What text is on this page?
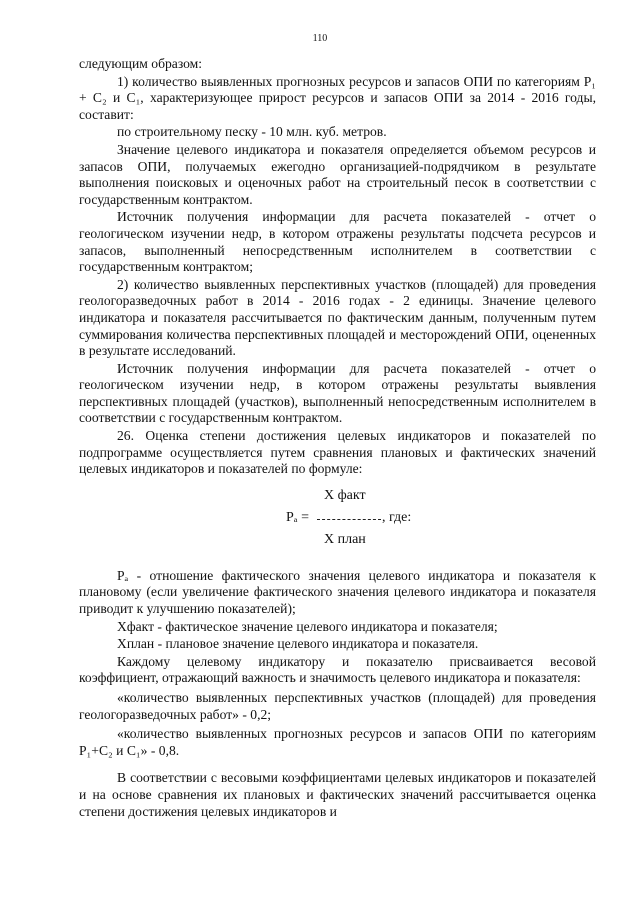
110

следующим образом:

1) количество выявленных прогнозных ресурсов и запасов ОПИ по категориям P₁ + C₂ и C₁, характеризующее прирост ресурсов и запасов ОПИ за 2014 - 2016 годы, составит:

по строительному песку - 10 млн. куб. метров.

Значение целевого индикатора и показателя определяется объемом ресурсов и запасов ОПИ, получаемых ежегодно организацией-подрядчиком в результате выполнения поисковых и оценочных работ на строительный песок в соответствии с государственным контрактом.

Источник получения информации для расчета показателей - отчет о геологическом изучении недр, в котором отражены результаты подсчета ресурсов и запасов, выполненный непосредственным исполнителем в соответствии с государственным контрактом;

2) количество выявленных перспективных участков (площадей) для проведения геологоразведочных работ в 2014 - 2016 годах - 2 единицы. Значение целевого индикатора и показателя рассчитывается по фактическим данным, полученным путем суммирования количества перспективных площадей и месторождений ОПИ, оцененных в результате исследований.

Источник получения информации для расчета показателей - отчет о геологическом изучении недр, в котором отражены результаты выявления перспективных площадей (участков), выполненный непосредственным исполнителем в соответствии с государственным контрактом.

26. Оценка степени достижения целевых индикаторов и показателей по подпрограмме осуществляется путем сравнения плановых и фактических значений целевых индикаторов и показателей по формуле:

X факт
Pₐ =	, где:
X план

Pₐ - отношение фактического значения целевого индикатора и показателя к плановому (если увеличение фактического значения целевого индикатора и показателя приводит к улучшению показателей);

Xфакт - фактическое значение целевого индикатора и показателя;

Xплан - плановое значение целевого индикатора и показателя.

Каждому целевому индикатору и показателю присваивается весовой коэффициент, отражающий важность и значимость целевого индикатора и показателя:

«количество выявленных перспективных участков (площадей) для проведения геологоразведочных работ» - 0,2;

«количество выявленных прогнозных ресурсов и запасов ОПИ по категориям P₁+C₂ и C₁» - 0,8.

В соответствии с весовыми коэффициентами целевых индикаторов и показателей и на основе сравнения их плановых и фактических значений рассчитывается оценка степени достижения целевых индикаторов и
